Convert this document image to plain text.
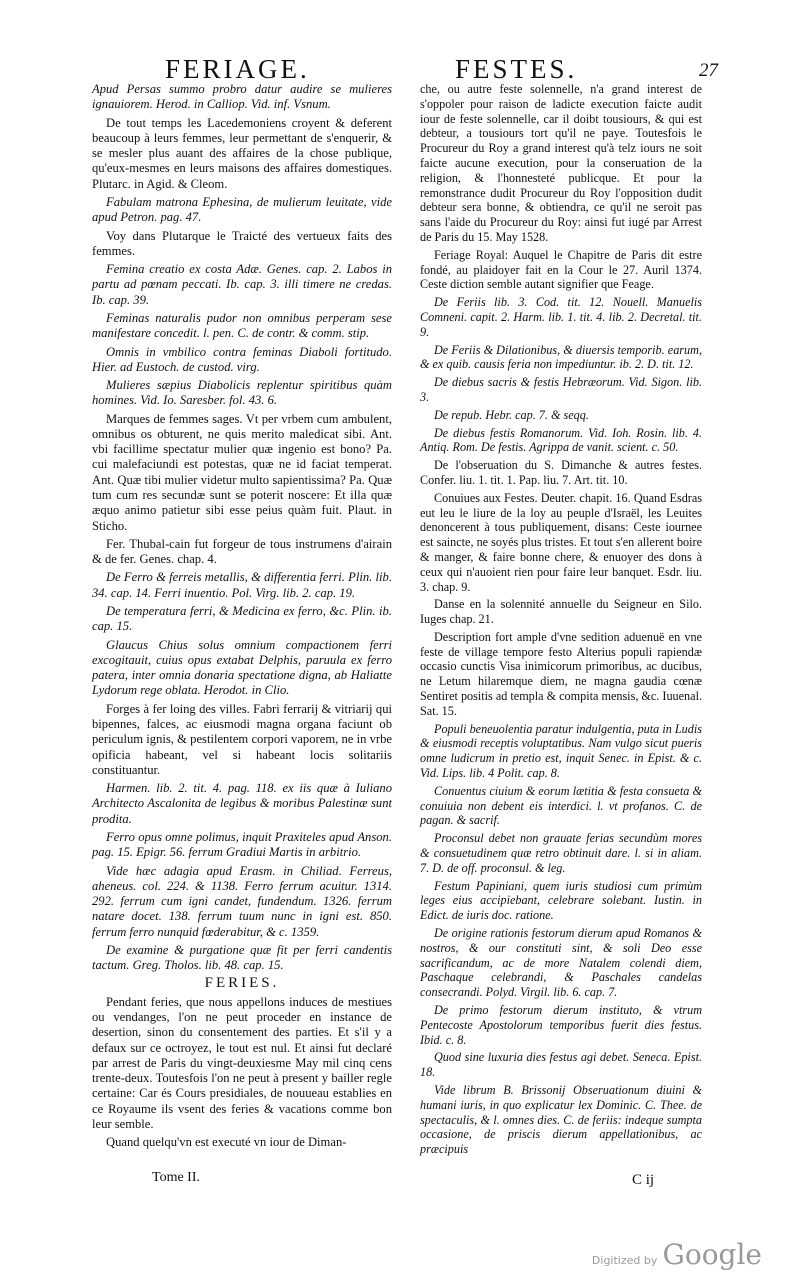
FERIAGE.	FESTES.	27

Apud Persas summo probro datur audire se mulieres ignauiorem. Herod. in Calliop. Vid. inf. Vsnum.

De tout temps les Lacedemoniens croyent & deferent beaucoup à leurs femmes, leur permettant de s'enquerir, & se mesler plus auant des affaires de la chose publique, qu'eux-mesmes en leurs maisons des affaires domestiques. Plutarc. in Agid. & Cleom.

Fabulam matrona Ephesina, de mulierum leuitate, vide apud Petron. pag. 47.

Voy dans Plutarque le Traicté des vertueux faits des femmes.

Femina creatio ex costa Adæ. Genes. cap. 2. Labos in partu ad pœnam peccati. Ib. cap. 3. illi timere ne credas. Ib. cap. 39.

Feminas naturalis pudor non omnibus perperam sese manifestare concedit. l. pen. C. de contr. & comm. stip.

Omnis in vmbilico contra feminas Diaboli fortitudo. Hier. ad Eustoch. de custod. virg.

Mulieres sæpius Diabolicis replentur spiritibus quàm homines. Vid. Io. Saresber. fol. 43. 6.

Marques de femmes sages. Vt per vrbem cum ambulent, omnibus os obturent, ne quis merito maledicat sibi. Ant. vbi facillime spectatur mulier quæ ingenio est bono? Pa. cui malefaciundi est potestas, quæ ne id faciat temperat. Ant. Quæ tibi mulier videtur multo sapientissima? Pa. Quæ tum cum res secundæ sunt se poterit noscere: Et illa quæ æquo animo patietur sibi esse peius quàm fuit. Plaut. in Sticho.

Fer. Thubal-cain fut forgeur de tous instrumens d'airain & de fer. Genes. chap. 4.

De Ferro & ferreis metallis, & differentia ferri. Plin. lib. 34. cap. 14. Ferri inuentio. Pol. Virg. lib. 2. cap. 19.

De temperatura ferri, & Medicina ex ferro, &c. Plin. ib. cap. 15.

Glaucus Chius solus omnium compactionem ferri excogitauit, cuius opus extabat Delphis, paruula ex ferro patera, inter omnia donaria spectatione digna, ab Haliatte Lydorum rege oblata. Herodot. in Clio.

Forges à fer loing des villes. Fabri ferrarij & vitriarij qui bipennes, falces, ac eiusmodi magna organa faciunt ob periculum ignis, & pestilentem corpori vaporem, ne in vrbe opificia habeant, vel si habeant locis solitariis constituantur.

Harmen. lib. 2. tit. 4. pag. 118. ex iis quæ à Iuliano Architecto Ascalonita de legibus & moribus Palestinæ sunt prodita.

Ferro opus omne polimus, inquit Praxiteles apud Anson. pag. 15. Epigr. 56. ferrum Gradiui Martis in arbitrio.

Vide hæc adagia apud Erasm. in Chiliad. Ferreus, aheneus. col. 224. & 1138. Ferro ferrum acuitur. 1314. 292. ferrum cum igni candet, fundendum. 1326. ferrum natare docet. 138. ferrum tuum nunc in igni est. 850. ferrum ferro nunquid fœderabitur, & c. 1359.

De examine & purgatione quæ fit per ferri candentis tactum. Greg. Tholos. lib. 48. cap. 15.

FERIES.

Pendant feries, que nous appellons induces de mestiues ou vendanges, l'on ne peut proceder en instance de desertion, sinon du consentement des parties. Et s'il y a defaux sur ce octroyez, le tout est nul. Et ainsi fut declaré par arrest de Paris du vingt-deuxiesme May mil cinq cens trente-deux. Toutesfois l'on ne peut à present y bailler regle certaine: Car és Cours presidiales, de nouueau establies en ce Royaume ils vsent des feries & vacations comme bon leur semble.

Quand quelqu'vn est executé vn iour de Diman-

che, ou autre feste solennelle, n'a grand interest de s'oppoler pour raison de ladicte execution faicte audit iour de feste solennelle, car il doibt tousiours, & qui est debteur, a tousiours tort qu'il ne paye. Toutesfois le Procureur du Roy a grand interest qu'à telz iours ne soit faicte aucune execution, pour la conseruation de la religion, & l'honnesteté publicque. Et pour la remonstrance dudit Procureur du Roy l'opposition dudit debteur sera bonne, & obtiendra, ce qu'il ne seroit pas sans l'aide du Procureur du Roy: ainsi fut iugé par Arrest de Paris du 15. May 1528.

Feriage Royal: Auquel le Chapitre de Paris dit estre fondé, au plaidoyer fait en la Cour le 27. Auril 1374. Ceste diction semble autant signifier que Feage.

De Feriis lib. 3. Cod. tit. 12. Nouell. Manuelis Comneni. capit. 2. Harm. lib. 1. tit. 4. lib. 2. Decretal. tit. 9.

De Feriis & Dilationibus, & diuersis temporib. earum, & ex quib. causis feria non impediuntur. ib. 2. D. tit. 12.

De diebus sacris & festis Hebræorum. Vid. Sigon. lib. 3.

De repub. Hebr. cap. 7. & seqq.

De diebus festis Romanorum. Vid. Ioh. Rosin. lib. 4. Antiq. Rom. De festis. Agrippa de vanit. scient. c. 50.

De l'obseruation du S. Dimanche & autres festes. Confer. liu. 1. tit. 1. Pap. liu. 7. Art. tit. 10.

Conuiues aux Festes. Deuter. chapit. 16. Quand Esdras eut leu le liure de la loy au peuple d'Israël, les Leuites denoncerent à tous publiquement, disans: Ceste iournee est saincte, ne soyés plus tristes. Et tout s'en allerent boire & manger, & faire bonne chere, & enuoyer des dons à ceux qui n'auoient rien pour faire leur banquet. Esdr. liu. 3. chap. 9.

Danse en la solennité annuelle du Seigneur en Silo. Iuges chap. 21.

Description fort ample d'vne sedition aduenuë en vne feste de village tempore festo Alterius populi rapiendæ occasio cunctis Visa inimicorum primoribus, ac ducibus, ne Letum hilaremque diem, ne magna gaudia cœnæ Sentiret positis ad templa & compita mensis, &c. Iuuenal. Sat. 15.

Populi beneuolentia paratur indulgentia, puta in Ludis & eiusmodi receptis voluptatibus. Nam vulgo sicut pueris omne ludicrum in pretio est, inquit Senec. in Epist. & c. Vid. Lips. lib. 4 Polit. cap. 8.

Conuentus ciuium & eorum lætitia & festa consueta & conuiuia non debent eis interdici. l. vt profanos. C. de pagan. & sacrif.

Proconsul debet non grauate ferias secundùm mores & consuetudinem quæ retro obtinuit dare. l. si in aliam. 7. D. de off. proconsul. & leg.

Festum Papiniani, quem iuris studiosi cum primùm leges eius accipiebant, celebrare solebant. Iustin. in Edict. de iuris doc. ratione.

De origine rationis festorum dierum apud Romanos & nostros, & our constituti sint, & soli Deo esse sacrificandum, ac de more Natalem colendi diem, Paschaque celebrandi, & Paschales candelas consecrandi. Polyd. Virgil. lib. 6. cap. 7.

De primo festorum dierum instituto, & vtrum Pentecoste Apostolorum temporibus fuerit dies festus. Ibid. c. 8.

Quod sine luxuria dies festus agi debet. Seneca. Epist. 18.

Vide librum B. Brissonij Obseruationum diuini & humani iuris, in quo explicatur lex Dominic. C. Thee. de spectaculis, & l. omnes dies. C. de feriis: indeque sumpta occasione, de priscis dierum appellationibus, ac præcipuis

Tome II.	C ij
Digitized by Google
